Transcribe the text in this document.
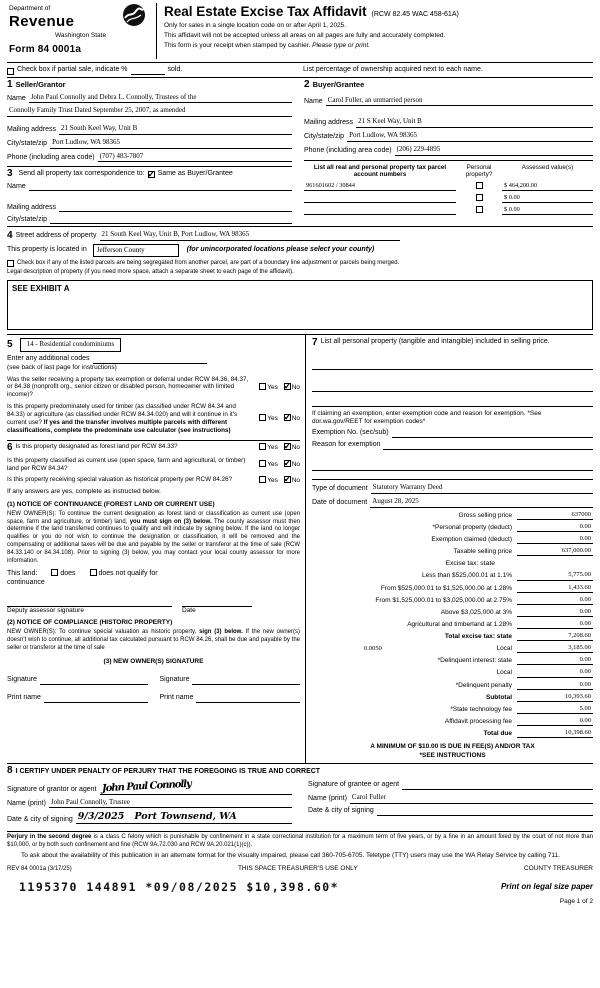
Department of
Revenue
Washington State
Form 84 0001a
Real Estate Excise Tax Affidavit (RCW 82.45 WAC 458-61A)
Only for sales in a single location code on or after April 1, 2025.
This affidavit will not be accepted unless all areas on all pages are fully and accurately completed.
This form is your receipt when stamped by cashier. Please type or print.
Check box if partial sale, indicate %	sold.	List percentage of ownership acquired next to each name.
1 Seller/Grantor
Name John Paul Connolly and Debra L. Connolly, Trustees of the
Connolly Family Trust Dated September 25, 2007, as amended
Mailing address 21 South Keel Way, Unit B
City/state/zip Port Ludlow, WA 98365
Phone (including area code) (707) 483-7807
3 Send all property tax correspondence to: ✓ Same as Buyer/Grantee
Name
Mailing address
City/state/zip
2 Buyer/Grantee
Name Carol Fuller, an unmarried person
Mailing address 21 S Keel Way, Unit B
City/state/zip Port Ludlow, WA 98365
Phone (including area code) (206) 229-4895
List all real and personal property tax parcel account numbers
Personal property?
Assessed value(s)
961601602 / 30844	$ 464,200.00
$ 0.00
$ 0.00
4 Street address of property 21 South Keel Way, Unit B, Port Ludlow, WA 98365
This property is located in	Jefferson County	(for unincorporated locations please select your county)
Check box if any of the listed parcels are being segregated from another parcel, are part of a boundary line adjustment or parcels being merged.
Legal description of property (if you need more space, attach a separate sheet to each page of the affidavit).
SEE EXHIBIT A
5	14 - Residential condominiums
Enter any additional codes
(see back of last page for instructions)
Was the seller receiving a property tax exemption or deferral under RCW 84.36, 84.37, or 84.38 (nonprofit org., senior citizen or disabled person, homeowner with limited income)?
Yes ✓ No
Is this property predominately used for timber (as classified under RCW 84.34 and 84.33) or agriculture (as classified under RCW 84.34.020) and will it continue in it's current use? If yes and the transfer involves multiple parcels with different classifications, complete the predominate use calculator (see instructions)
Yes ✓ No
6 Is this property designated as forest land per RCW 84.33?	Yes ✓ No
Is this property classified as current use (open space, farm and agricultural, or timber) land per RCW 84.34?
Yes ✓ No
Is this property receiving special valuation as historical property per RCW 84.26?	Yes ✓ No
If any answers are yes, complete as instructed below.
(1) NOTICE OF CONTINUANCE (FOREST LAND OR CURRENT USE)
NEW OWNER(S): To continue the current designation as forest land or classification as current use (open space, farm and agriculture, or timber) land, you must sign on (3) below. The county assessor must then determine if the land transferred continues to qualify and will indicate by signing below. If the land no longer qualifies or you do not wish to continue the designation or classification, it will be removed and the compensating or additional taxes will be due and payable by the seller or transferor at the time of sale (RCW 84.33.140 or 84.34.108). Prior to signing (3) below, you may contact your local county assessor for more information.
This land:	does	does not qualify for
continuance
Deputy assessor signature	Date
(2) NOTICE OF COMPLIANCE (HISTORIC PROPERTY)
NEW OWNER(S): To continue special valuation as historic property, sign (3) below. If the new owner(s) doesn't wish to continue, all additional tax calculated pursuant to RCW 84.26, shall be due and payable by the seller or transferor at the time of sale
(3) NEW OWNER(S) SIGNATURE
Signature	Signature
Print name	Print name
7 List all personal property (tangible and intangible) included in selling price.
If claiming an exemption, enter exemption code and reason for exemption. *See dor.wa.gov/REET for exemption codes*
Exemption No. (sec/sub)
Reason for exemption
Type of document Statutory Warranty Deed
Date of document August 28, 2025
Gross selling price	637000
*Personal property (deduct)	0.00
Exemption claimed (deduct)	0.00
Taxable selling price	637,000.00
Excise tax: state
Less than $525,000.01 at 1.1%	5,775.00
From $525,000.01 to $1,525,000.00 at 1.28%	1,433.60
From $1,525,000.01 to $3,025,000.00 at 2.75%	0.00
Above $3,025,000 at 3%	0.00
Agricultural and timberland at 1.28%	0.00
Total excise tax: state	7,208.60
0.0050	Local	3,185.00
*Delinquent interest: state	0.00
Local	0.00
*Delinquent penalty	0.00
Subtotal	10,393.60
*State technology fee	5.00
Affidavit processing fee	0.00
Total due	10,398.60
A MINIMUM OF $10.00 IS DUE IN FEE(S) AND/OR TAX
*SEE INSTRUCTIONS
8 I CERTIFY UNDER PENALTY OF PERJURY THAT THE FOREGOING IS TRUE AND CORRECT
Signature of grantor or agent John Paul Connolly
Name (print) John Paul Connolly, Trustee
Date & city of signing 9/3/2025 Port Townsend, WA
Signature of grantee or agent
Name (print) Carol Fuller
Date & city of signing
Perjury in the second degree is a class C felony which is punishable by confinement in a state correctional institution for a maximum term of five years, or by a fine in an amount fixed by the court of not more than $10,000, or by both such confinement and fine (RCW 9A.72.030 and RCW 9A.20.021(1)(c)).
To ask about the availability of this publication in an alternate format for the visually impaired, please call 360-705-6705. Teletype (TTY) users may use the WA Relay Service by calling 711.
REV 84 0001a (3/17/25)	THIS SPACE TREASURER'S USE ONLY	COUNTY TREASURER
1195370 144891 *09/08/2025 $10,398.60*	Print on legal size paper
Page 1 of 2
